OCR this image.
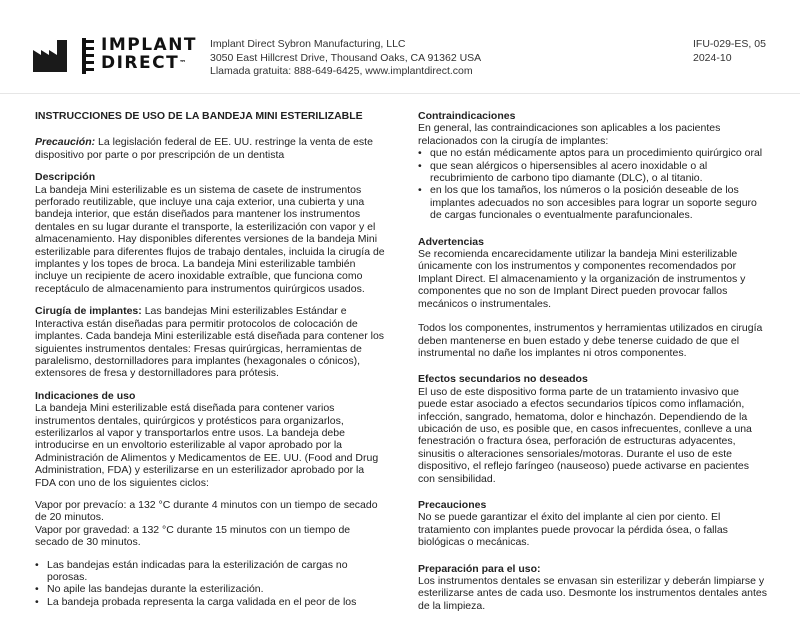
IMPLANT
DIRECT™
Implant Direct Sybron Manufacturing, LLC
3050 East Hillcrest Drive, Thousand Oaks, CA 91362 USA
Llamada gratuita: 888-649-6425, www.implantdirect.com
IFU-029-ES, 05
2024-10
INSTRUCCIONES DE USO DE LA BANDEJA MINI ESTERILIZABLE

Precaución: La legislación federal de EE. UU. restringe la venta de este dispositivo por parte o por prescripción de un dentista

Descripción

La bandeja Mini esterilizable es un sistema de casete de instrumentos perforado reutilizable, que incluye una caja exterior, una cubierta y una bandeja interior, que están diseñados para mantener los instrumentos dentales en su lugar durante el transporte, la esterilización con vapor y el almacenamiento. Hay disponibles diferentes versiones de la bandeja Mini esterilizable para diferentes flujos de trabajo dentales, incluida la cirugía de implantes y los topes de broca. La bandeja Mini esterilizable también incluye un recipiente de acero inoxidable extraíble, que funciona como receptáculo de almacenamiento para instrumentos quirúrgicos usados.

Cirugía de implantes: Las bandejas Mini esterilizables Estándar e Interactiva están diseñadas para permitir protocolos de colocación de implantes. Cada bandeja Mini esterilizable está diseñada para contener los siguientes instrumentos dentales: Fresas quirúrgicas, herramientas de paralelismo, destornilladores para implantes (hexagonales o cónicos), extensores de fresa y destornilladores para prótesis.

Indicaciones de uso

La bandeja Mini esterilizable está diseñada para contener varios instrumentos dentales, quirúrgicos y protésticos para organizarlos, esterilizarlos al vapor y transportarlos entre usos. La bandeja debe introducirse en un envoltorio esterilizable al vapor aprobado por la Administración de Alimentos y Medicamentos de EE. UU. (Food and Drug Administration, FDA) y esterilizarse en un esterilizador aprobado por la FDA con uno de los siguientes ciclos:

Vapor por prevacío: a 132 °C durante 4 minutos con un tiempo de secado de 20 minutos.
Vapor por gravedad: a 132 °C durante 15 minutos con un tiempo de secado de 30 minutos.
• Las bandejas están indicadas para la esterilización de cargas no porosas.
• No apile las bandejas durante la esterilización.
• La bandeja probada representa la carga validada en el peor de los
Contraindicaciones

En general, las contraindicaciones son aplicables a los pacientes relacionados con la cirugía de implantes:

• que no están médicamente aptos para un procedimiento quirúrgico oral
• que sean alérgicos o hipersensibles al acero inoxidable o al recubrimiento de carbono tipo diamante (DLC), o al titanio.
• en los que los tamaños, los números o la posición deseable de los implantes adecuados no son accesibles para lograr un soporte seguro de cargas funcionales o eventualmente parafuncionales.
Advertencias

Se recomienda encarecidamente utilizar la bandeja Mini esterilizable únicamente con los instrumentos y componentes recomendados por Implant Direct. El almacenamiento y la organización de instrumentos y componentes que no son de Implant Direct pueden provocar fallos mecánicos o instrumentales.

Todos los componentes, instrumentos y herramientas utilizados en cirugía deben mantenerse en buen estado y debe tenerse cuidado de que el instrumental no dañe los implantes ni otros componentes.

Efectos secundarios no deseados

El uso de este dispositivo forma parte de un tratamiento invasivo que puede estar asociado a efectos secundarios típicos como inflamación, infección, sangrado, hematoma, dolor e hinchazón. Dependiendo de la ubicación de uso, es posible que, en casos infrecuentes, conlleve a una fenestración o fractura ósea, perforación de estructuras adyacentes, sinusitis o alteraciones sensoriales/motoras. Durante el uso de este dispositivo, el reflejo faríngeo (nauseoso) puede activarse en pacientes con sensibilidad.

Precauciones

No se puede garantizar el éxito del implante al cien por ciento. El tratamiento con implantes puede provocar la pérdida ósea, o fallas biológicas o mecánicas.

Preparación para el uso:

Los instrumentos dentales se envasan sin esterilizar y deberán limpiarse y esterilizarse antes de cada uso. Desmonte los instrumentos dentales antes de la limpieza.
